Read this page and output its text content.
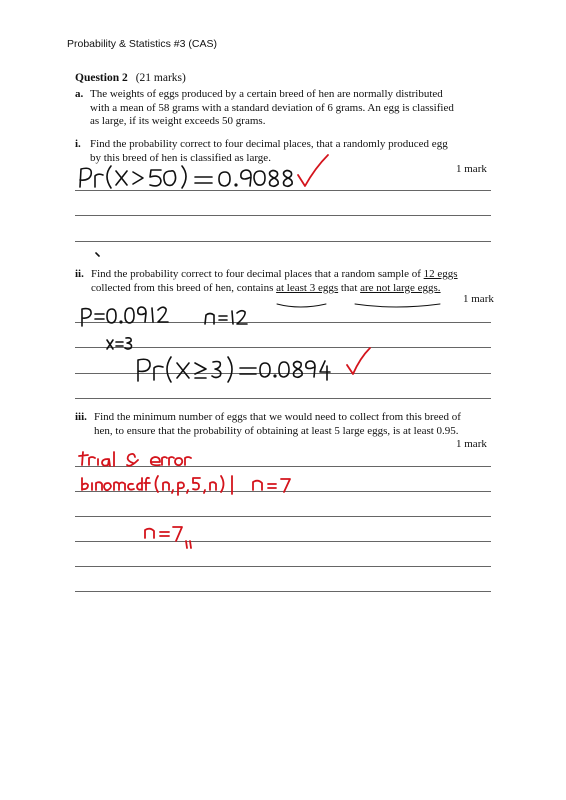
Probability & Statistics #3 (CAS)
Question 2 (21 marks)
a. The weights of eggs produced by a certain breed of hen are normally distributed
with a mean of 58 grams with a standard deviation of 6 grams. An egg is classified
as large, if its weight exceeds 50 grams.
i. Find the probability correct to four decimal places, that a randomly produced egg
by this breed of hen is classified as large.
1 mark
ii. Find the probability correct to four decimal places that a random sample of 12 eggs
collected from this breed of hen, contains at least 3 eggs that are not large eggs.
1 mark
iii. Find the minimum number of eggs that we would need to collect from this breed of
hen, to ensure that the probability of obtaining at least 5 large eggs, is at least 0.95.
1 mark
